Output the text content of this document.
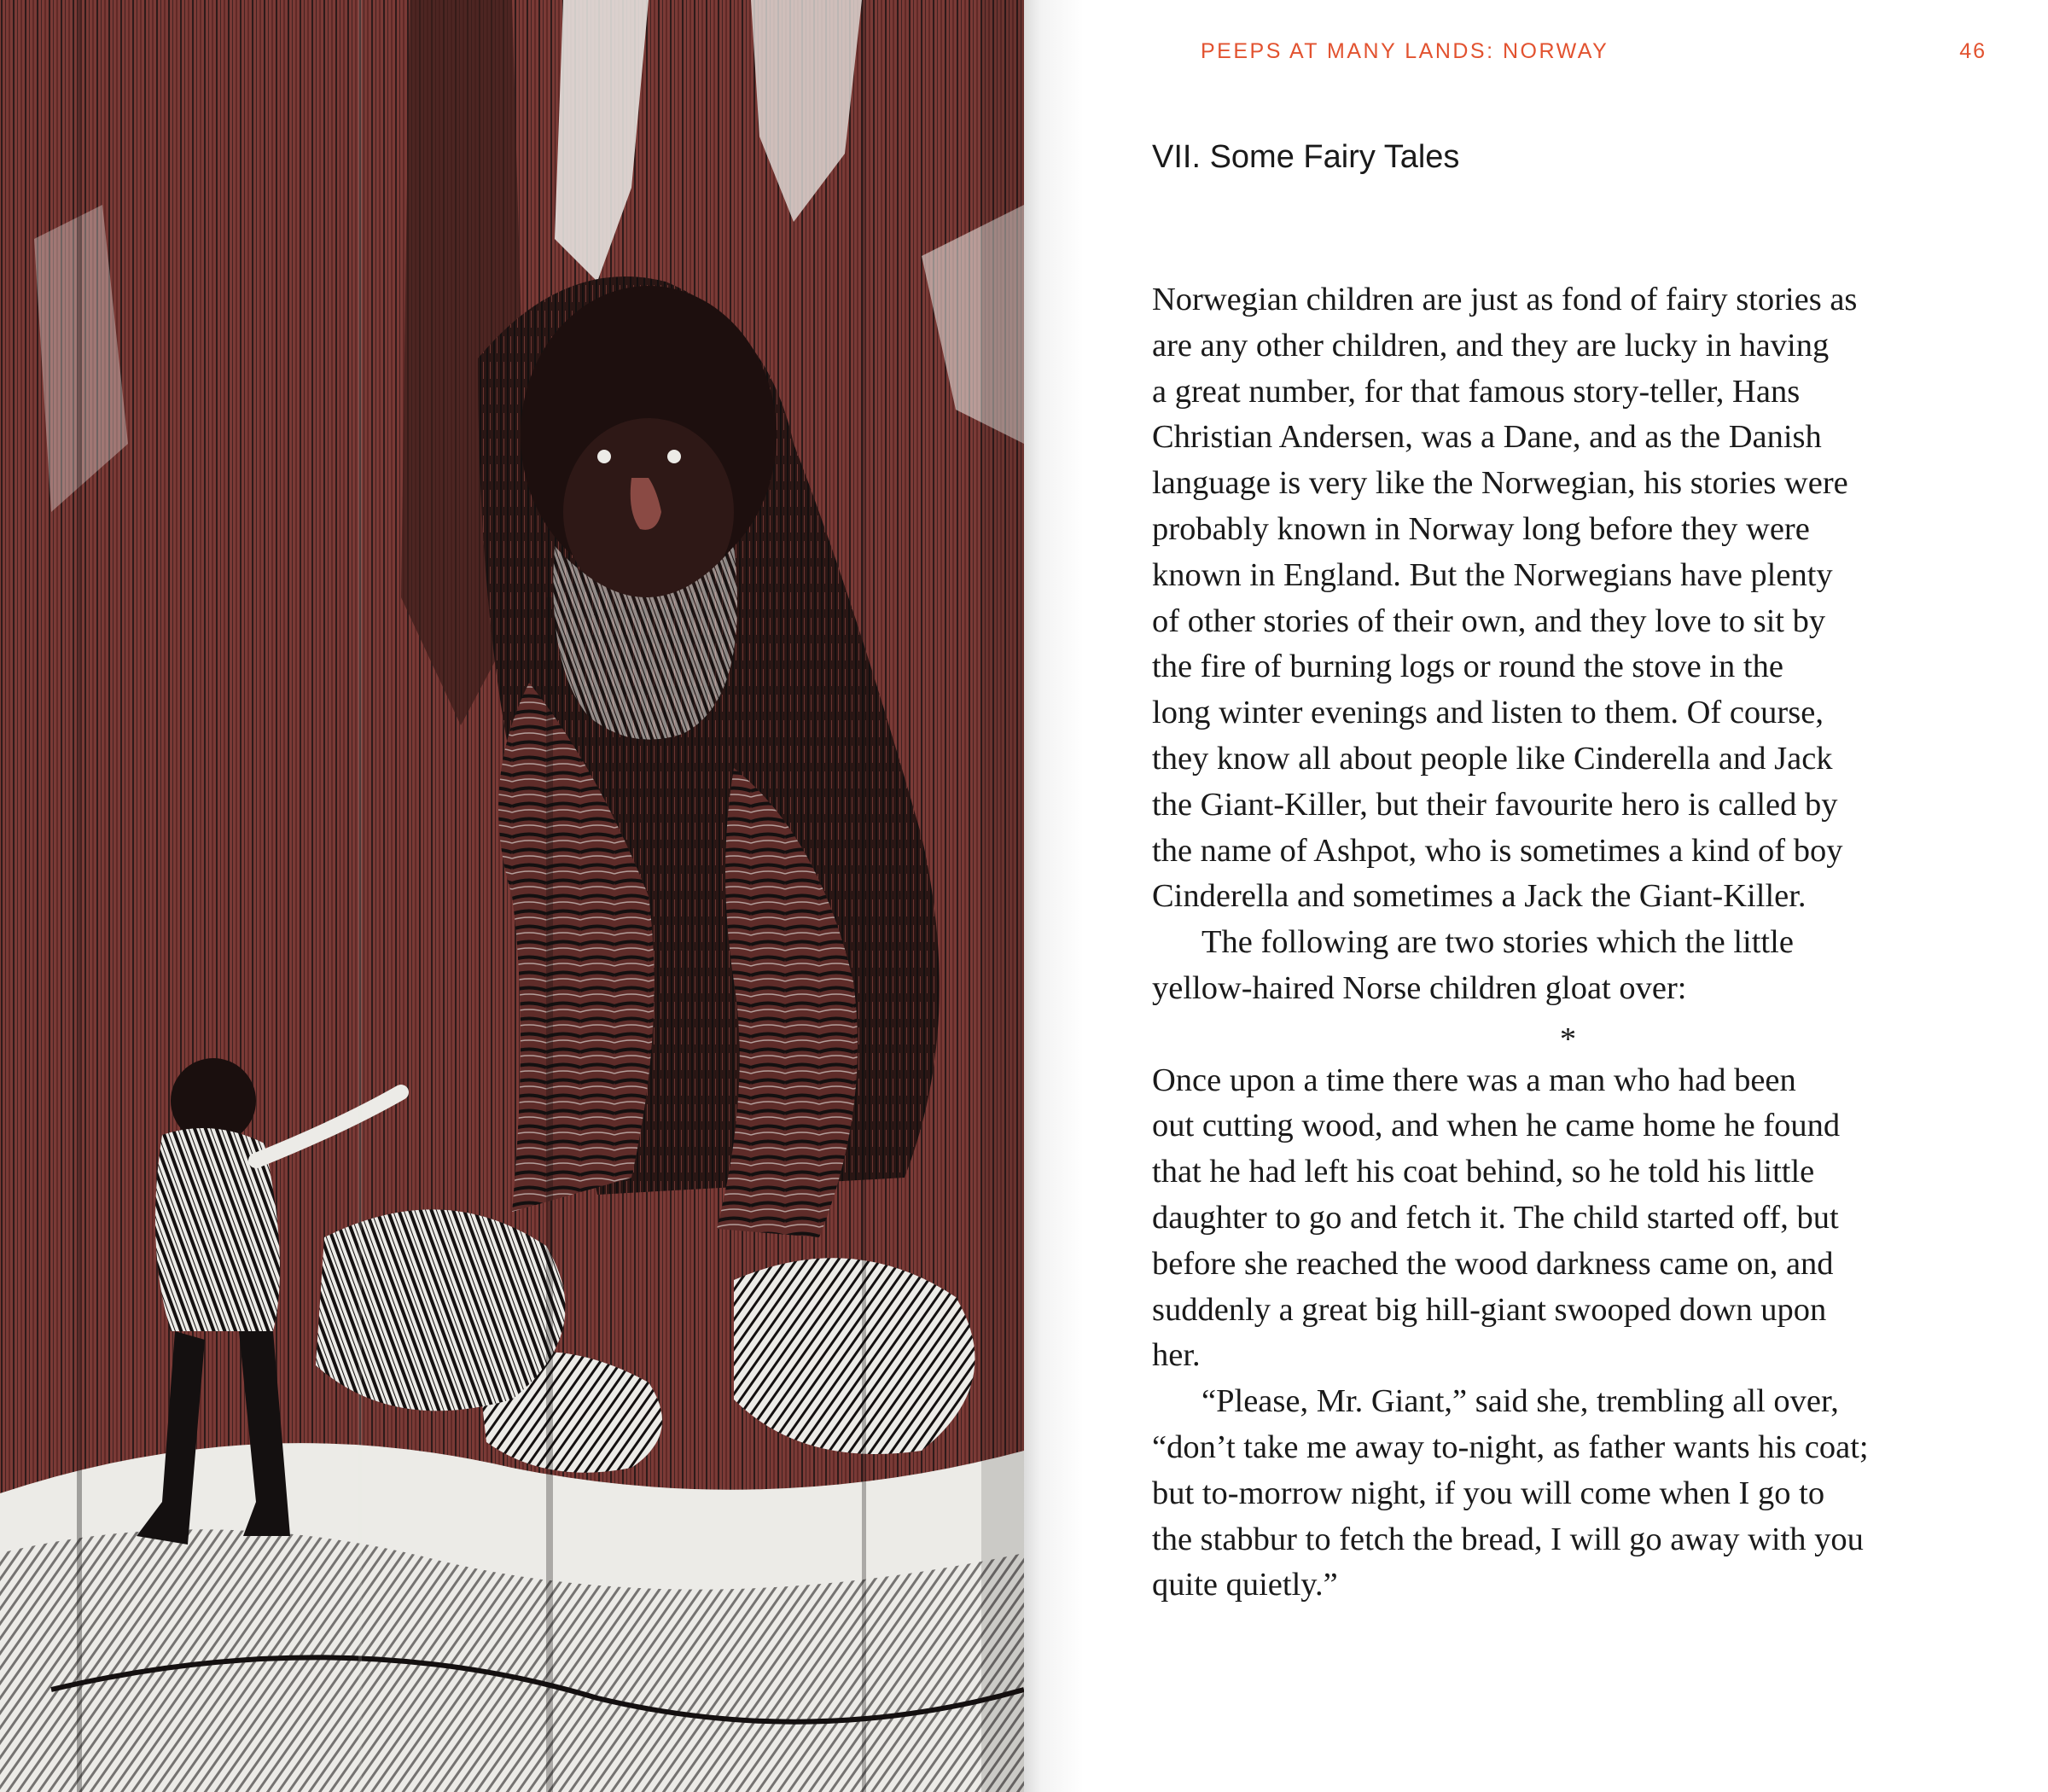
PEEPS AT MANY LANDS: NORWAY	46
VII. Some Fairy Tales

Norwegian children are just as fond of fairy stories as
are any other children, and they are lucky in having
a great number, for that famous story-teller, Hans
Christian Andersen, was a Dane, and as the Danish
language is very like the Norwegian, his stories were
probably known in Norway long before they were
known in England. But the Norwegians have plenty
of other stories of their own, and they love to sit by
the fire of burning logs or round the stove in the
long winter evenings and listen to them. Of course,
they know all about people like Cinderella and Jack
the Giant-Killer, but their favourite hero is called by
the name of Ashpot, who is sometimes a kind of boy
Cinderella and sometimes a Jack the Giant-Killer.

The following are two stories which the little
yellow-haired Norse children gloat over:

*

Once upon a time there was a man who had been
out cutting wood, and when he came home he found
that he had left his coat behind, so he told his little
daughter to go and fetch it. The child started off, but
before she reached the wood darkness came on, and
suddenly a great big hill-giant swooped down upon
her.

“Please, Mr. Giant,” said she, trembling all over,
“don’t take me away to-night, as father wants his coat;
but to-morrow night, if you will come when I go to
the stabbur to fetch the bread, I will go away with you
quite quietly.”
